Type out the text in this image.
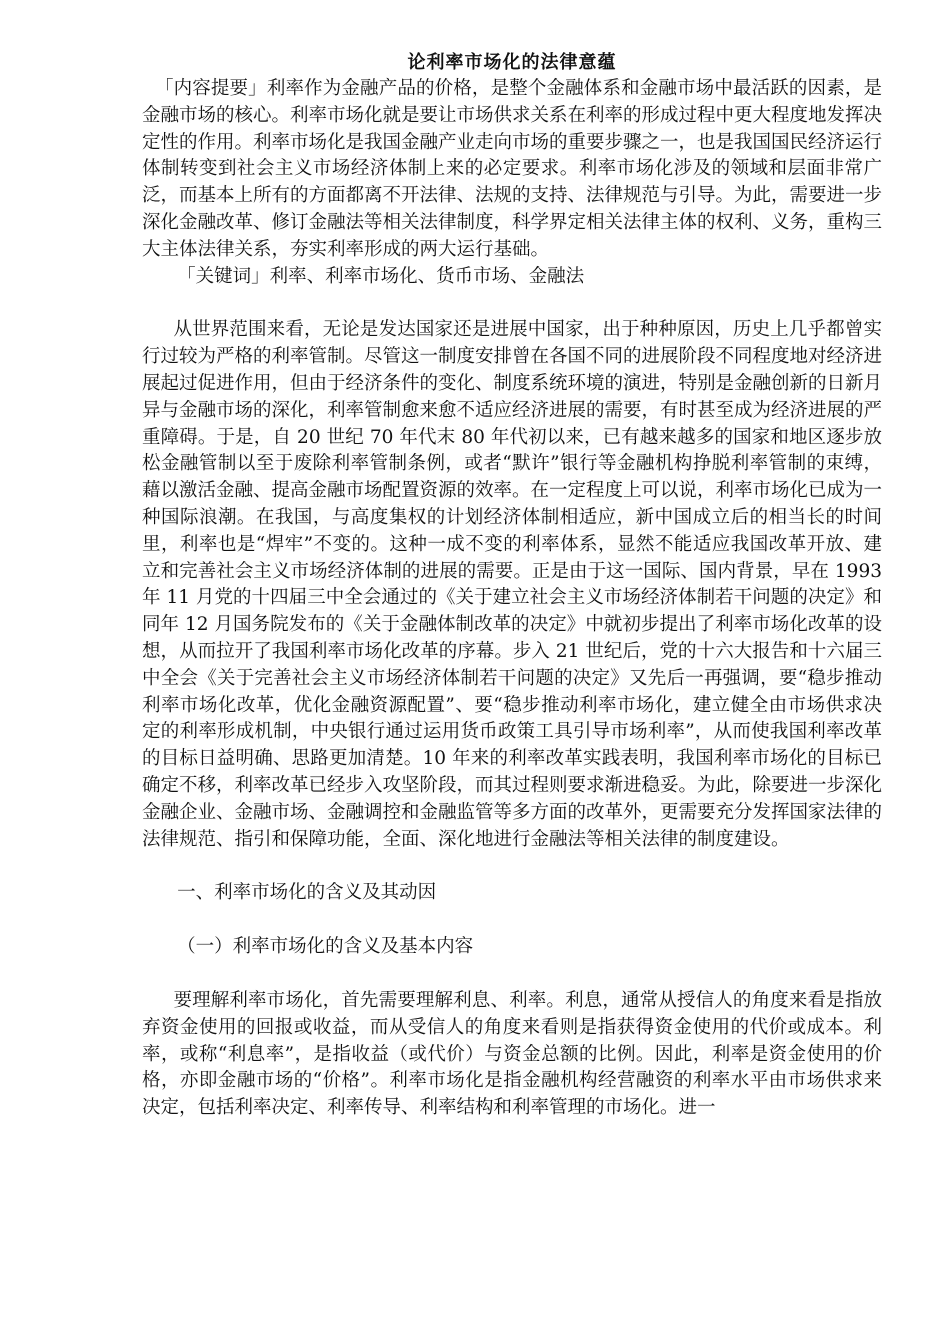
论利率市场化的法律意蕴

「内容提要」利率作为金融产品的价格，是整个金融体系和金融市场中最活跃的因素，是金融市场的核心。利率市场化就是要让市场供求关系在利率的形成过程中更大程度地发挥决定性的作用。利率市场化是我国金融产业走向市场的重要步骤之一，也是我国国民经济运行体制转变到社会主义市场经济体制上来的必定要求。利率市场化涉及的领域和层面非常广泛，而基本上所有的方面都离不开法律、法规的支持、法律规范与引导。为此，需要进一步深化金融改革、修订金融法等相关法律制度，科学界定相关法律主体的权利、义务，重构三大主体法律关系，夯实利率形成的两大运行基础。

「关键词」利率、利率市场化、货币市场、金融法

从世界范围来看，无论是发达国家还是进展中国家，出于种种原因，历史上几乎都曾实行过较为严格的利率管制。尽管这一制度安排曾在各国不同的进展阶段不同程度地对经济进展起过促进作用，但由于经济条件的变化、制度系统环境的演进，特别是金融创新的日新月异与金融市场的深化，利率管制愈来愈不适应经济进展的需要，有时甚至成为经济进展的严重障碍。于是，自 20 世纪 70 年代末 80 年代初以来，已有越来越多的国家和地区逐步放松金融管制以至于废除利率管制条例，或者“默许”银行等金融机构挣脱利率管制的束缚，藉以激活金融、提高金融市场配置资源的效率。在一定程度上可以说，利率市场化已成为一种国际浪潮。在我国，与高度集权的计划经济体制相适应，新中国成立后的相当长的时间里，利率也是“焊牢”不变的。这种一成不变的利率体系，显然不能适应我国改革开放、建立和完善社会主义市场经济体制的进展的需要。正是由于这一国际、国内背景，早在 1993 年 11 月党的十四届三中全会通过的《关于建立社会主义市场经济体制若干问题的决定》和同年 12 月国务院发布的《关于金融体制改革的决定》中就初步提出了利率市场化改革的设想，从而拉开了我国利率市场化改革的序幕。步入 21 世纪后，党的十六大报告和十六届三中全会《关于完善社会主义市场经济体制若干问题的决定》又先后一再强调，要“稳步推动利率市场化改革，优化金融资源配置”、要“稳步推动利率市场化，建立健全由市场供求决定的利率形成机制，中央银行通过运用货币政策工具引导市场利率”，从而使我国利率改革的目标日益明确、思路更加清楚。10 年来的利率改革实践表明，我国利率市场化的目标已确定不移，利率改革已经步入攻坚阶段，而其过程则要求渐进稳妥。为此，除要进一步深化金融企业、金融市场、金融调控和金融监管等多方面的改革外，更需要充分发挥国家法律的法律规范、指引和保障功能，全面、深化地进行金融法等相关法律的制度建设。

一、利率市场化的含义及其动因

（一）利率市场化的含义及基本内容

要理解利率市场化，首先需要理解利息、利率。利息，通常从授信人的角度来看是指放弃资金使用的回报或收益，而从受信人的角度来看则是指获得资金使用的代价或成本。利率，或称“利息率”，是指收益（或代价）与资金总额的比例。因此，利率是资金使用的价格，亦即金融市场的“价格”。利率市场化是指金融机构经营融资的利率水平由市场供求来决定，包括利率决定、利率传导、利率结构和利率管理的市场化。进一
